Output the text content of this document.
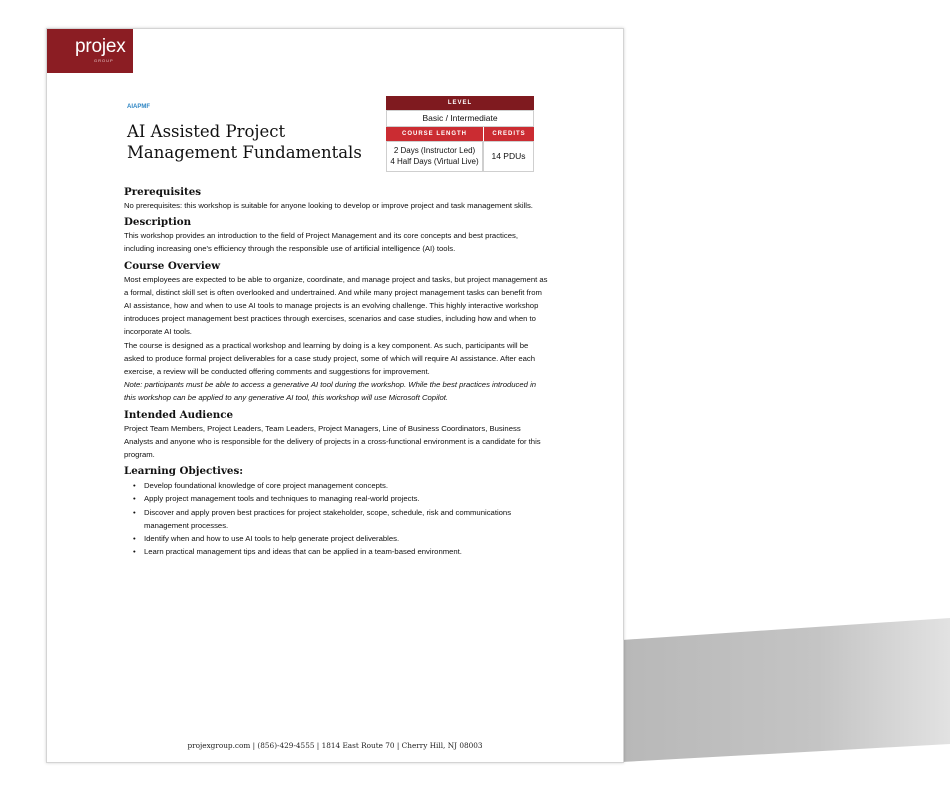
projex
GROUP
AIAPMF
AI Assisted Project Management Fundamentals
LEVEL
Basic / Intermediate
COURSE LENGTH	CREDITS
2 Days (Instructor Led)
4 Half Days (Virtual Live)
14 PDUs
Prerequisites

No prerequisites: this workshop is suitable for anyone looking to develop or improve project and task management skills.

Description

This workshop provides an introduction to the field of Project Management and its core concepts and best practices, including increasing one's efficiency through the responsible use of artificial intelligence (AI) tools.

Course Overview

Most employees are expected to be able to organize, coordinate, and manage project and tasks, but project management as a formal, distinct skill set is often overlooked and undertrained. And while many project management tasks can benefit from AI assistance, how and when to use AI tools to manage projects is an evolving challenge. This highly interactive workshop introduces project management best practices through exercises, scenarios and case studies, including how and when to incorporate AI tools.

The course is designed as a practical workshop and learning by doing is a key component. As such, participants will be asked to produce formal project deliverables for a case study project, some of which will require AI assistance. After each exercise, a review will be conducted offering comments and suggestions for improvement.

Note: participants must be able to access a generative AI tool during the workshop. While the best practices introduced in this workshop can be applied to any generative AI tool, this workshop will use Microsoft Copilot.

Intended Audience

Project Team Members, Project Leaders, Team Leaders, Project Managers, Line of Business Coordinators, Business Analysts and anyone who is responsible for the delivery of projects in a cross-functional environment is a candidate for this program.

Learning Objectives:
• Develop foundational knowledge of core project management concepts.
• Apply project management tools and techniques to managing real-world projects.
• Discover and apply proven best practices for project stakeholder, scope, schedule, risk and communications management processes.
• Identify when and how to use AI tools to help generate project deliverables.
• Learn practical management tips and ideas that can be applied in a team-based environment.
projexgroup.com | (856)-429-4555 | 1814 East Route 70 | Cherry Hill, NJ 08003
